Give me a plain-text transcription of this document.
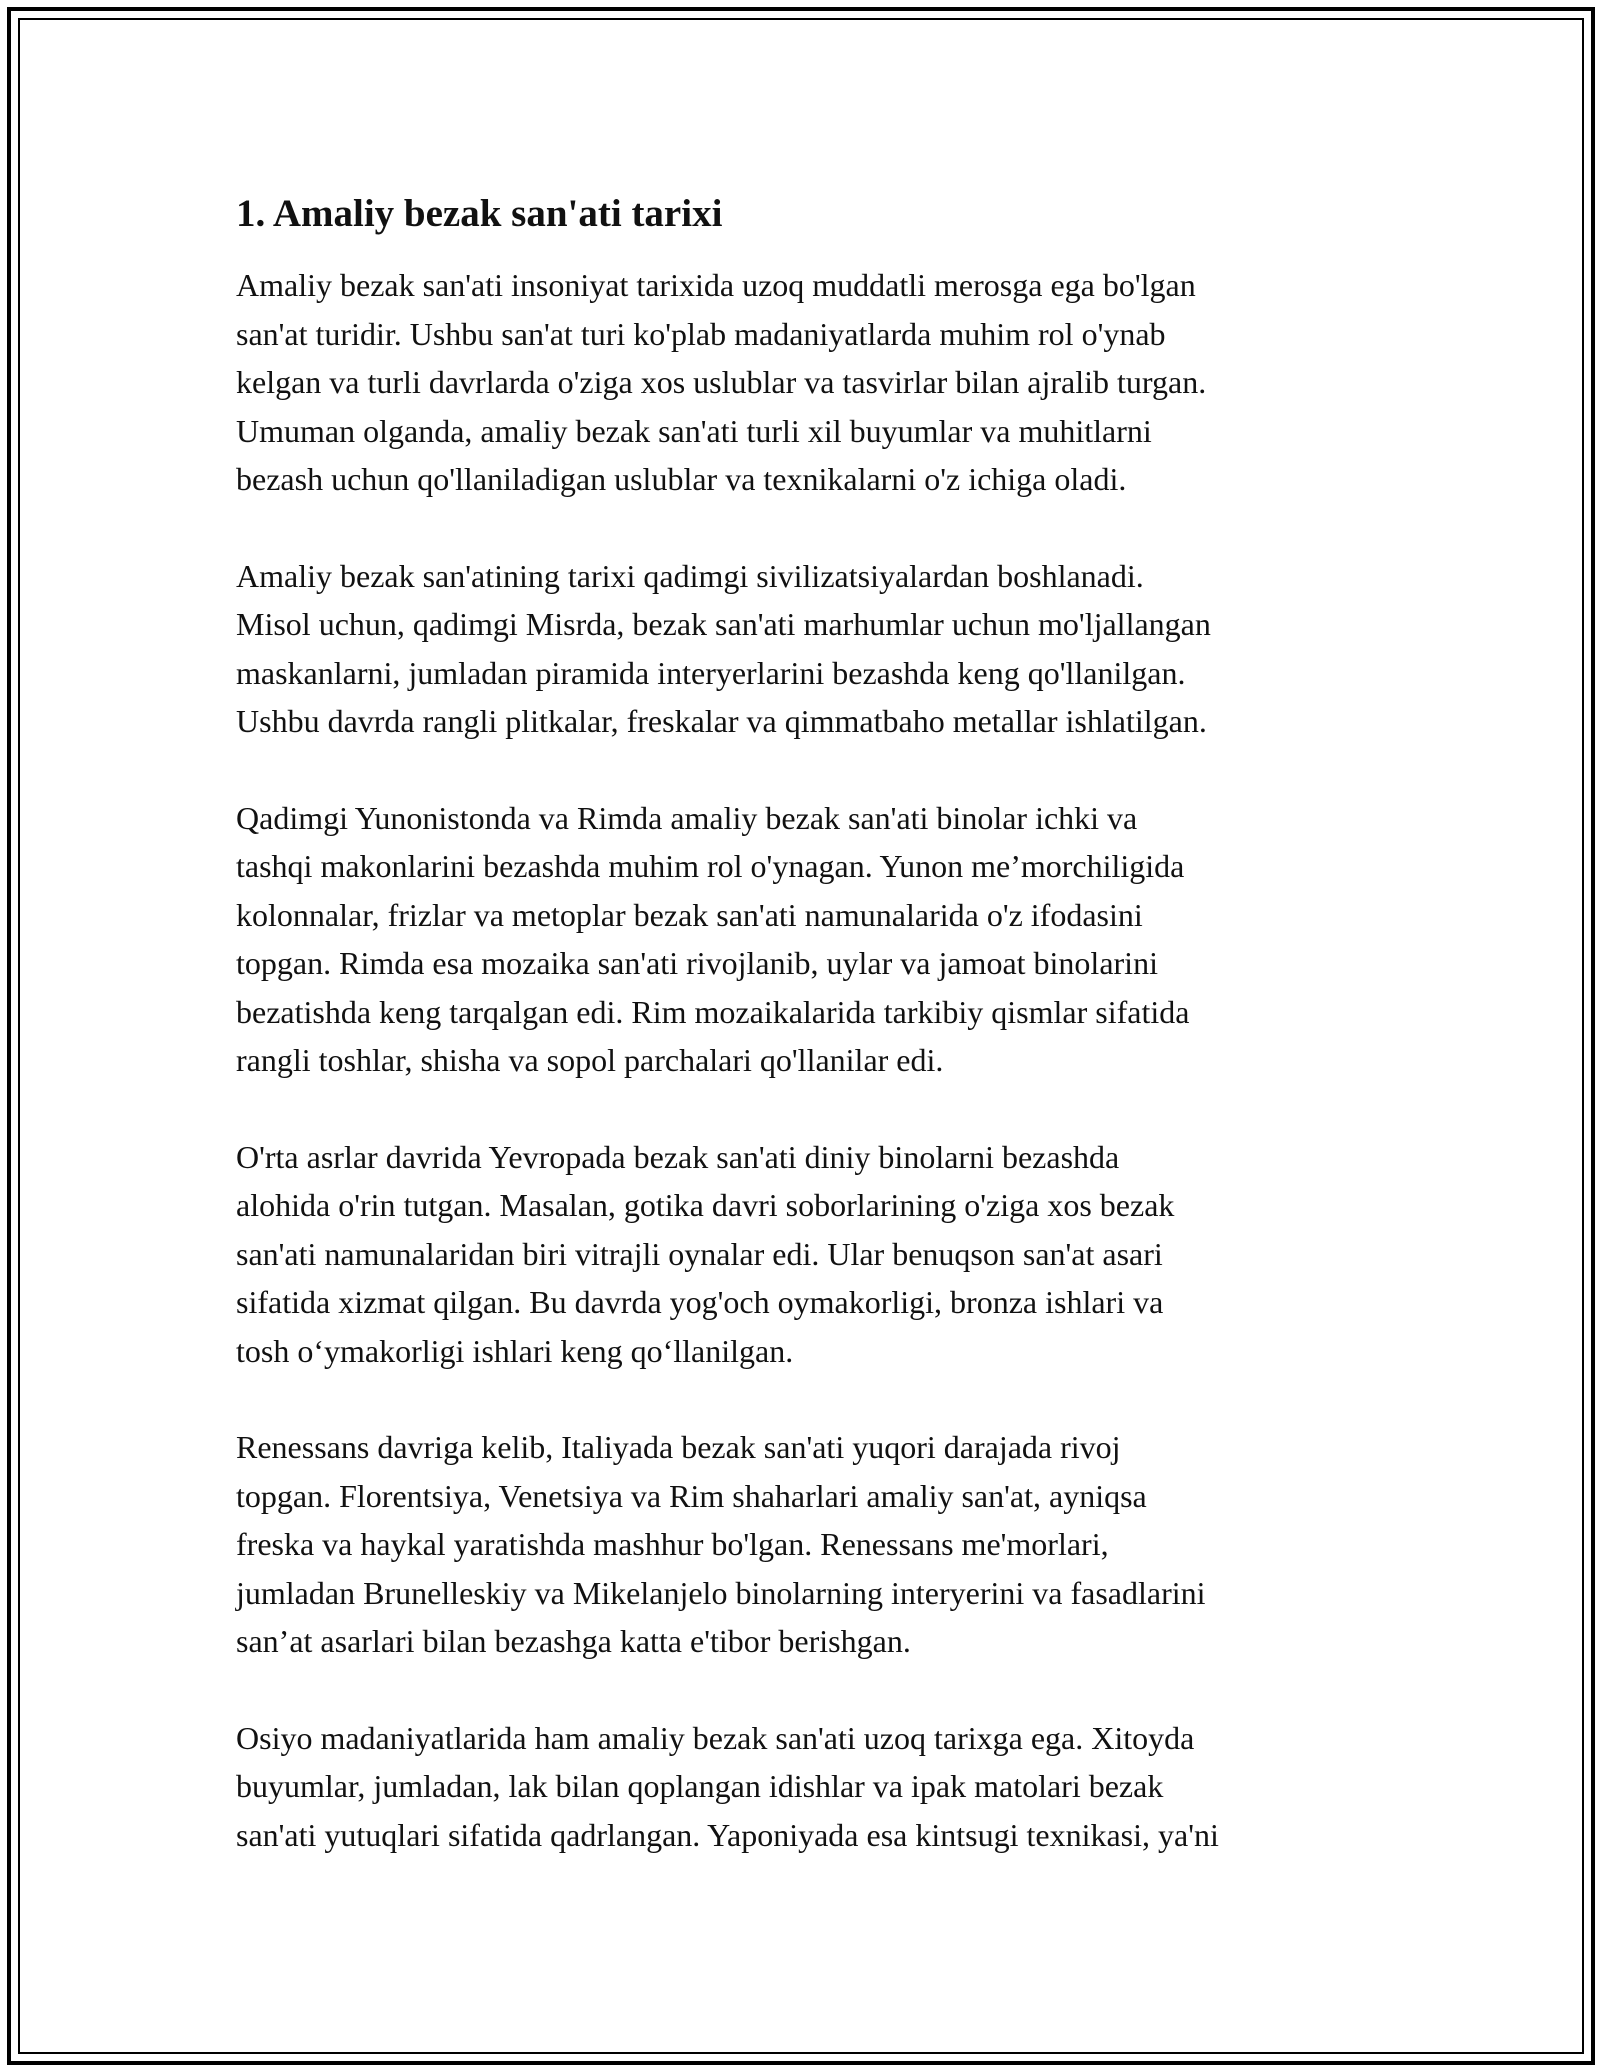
1. Amaliy bezak san'ati tarixi

Amaliy bezak san'ati insoniyat tarixida uzoq muddatli merosga ega bo'lgan
san'at turidir. Ushbu san'at turi ko'plab madaniyatlarda muhim rol o'ynab
kelgan va turli davrlarda o'ziga xos uslublar va tasvirlar bilan ajralib turgan.
Umuman olganda, amaliy bezak san'ati turli xil buyumlar va muhitlarni
bezash uchun qo'llaniladigan uslublar va texnikalarni o'z ichiga oladi.

Amaliy bezak san'atining tarixi qadimgi sivilizatsiyalardan boshlanadi.
Misol uchun, qadimgi Misrda, bezak san'ati marhumlar uchun mo'ljallangan
maskanlarni, jumladan piramida interyerlarini bezashda keng qo'llanilgan.
Ushbu davrda rangli plitkalar, freskalar va qimmatbaho metallar ishlatilgan.

Qadimgi Yunonistonda va Rimda amaliy bezak san'ati binolar ichki va
tashqi makonlarini bezashda muhim rol o'ynagan. Yunon me’morchiligida
kolonnalar, frizlar va metoplar bezak san'ati namunalarida o'z ifodasini
topgan. Rimda esa mozaika san'ati rivojlanib, uylar va jamoat binolarini
bezatishda keng tarqalgan edi. Rim mozaikalarida tarkibiy qismlar sifatida
rangli toshlar, shisha va sopol parchalari qo'llanilar edi.

O'rta asrlar davrida Yevropada bezak san'ati diniy binolarni bezashda
alohida o'rin tutgan. Masalan, gotika davri soborlarining o'ziga xos bezak
san'ati namunalaridan biri vitrajli oynalar edi. Ular benuqson san'at asari
sifatida xizmat qilgan. Bu davrda yog'och oymakorligi, bronza ishlari va
tosh o‘ymakorligi ishlari keng qo‘llanilgan.

Renessans davriga kelib, Italiyada bezak san'ati yuqori darajada rivoj
topgan. Florentsiya, Venetsiya va Rim shaharlari amaliy san'at, ayniqsa
freska va haykal yaratishda mashhur bo'lgan. Renessans me'morlari,
jumladan Brunelleskiy va Mikelanjelo binolarning interyerini va fasadlarini
san’at asarlari bilan bezashga katta e'tibor berishgan.

Osiyo madaniyatlarida ham amaliy bezak san'ati uzoq tarixga ega. Xitoyda
buyumlar, jumladan, lak bilan qoplangan idishlar va ipak matolari bezak
san'ati yutuqlari sifatida qadrlangan. Yaponiyada esa kintsugi texnikasi, ya'ni
